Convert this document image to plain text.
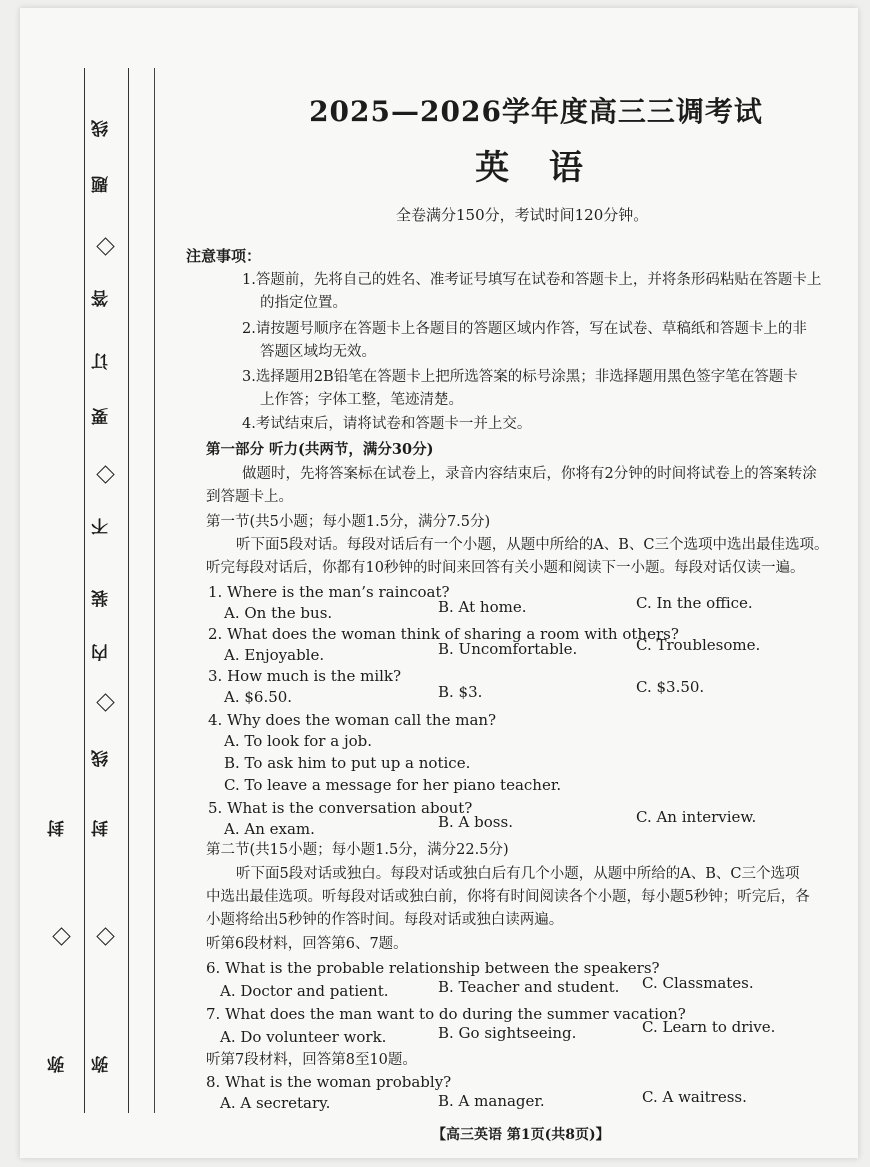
线
题
答
订
要
不
装
内
线
封
封
弥
弥
2025—2026学年度高三三调考试
英 语
全卷满分150分，考试时间120分钟。
注意事项：
1.答题前，先将自己的姓名、准考证号填写在试卷和答题卡上，并将条形码粘贴在答题卡上
的指定位置。
2.请按题号顺序在答题卡上各题目的答题区域内作答，写在试卷、草稿纸和答题卡上的非
答题区域均无效。
3.选择题用2B铅笔在答题卡上把所选答案的标号涂黑；非选择题用黑色签字笔在答题卡
上作答；字体工整，笔迹清楚。
4.考试结束后，请将试卷和答题卡一并上交。
第一部分 听力(共两节，满分30分)
做题时，先将答案标在试卷上，录音内容结束后，你将有2分钟的时间将试卷上的答案转涂
到答题卡上。
第一节(共5小题；每小题1.5分，满分7.5分)
听下面5段对话。每段对话后有一个小题，从题中所给的A、B、C三个选项中选出最佳选项。
听完每段对话后，你都有10秒钟的时间来回答有关小题和阅读下一小题。每段对话仅读一遍。
1. Where is the man’s raincoat?
A. On the bus.	B. At home.	C. In the office.
2. What does the woman think of sharing a room with others?
A. Enjoyable.	B. Uncomfortable.	C. Troublesome.
3. How much is the milk?
A. $6.50.	B. $3.	C. $3.50.
4. Why does the woman call the man?
A. To look for a job.
B. To ask him to put up a notice.
C. To leave a message for her piano teacher.
5. What is the conversation about?
A. An exam.	B. A boss.	C. An interview.
第二节(共15小题；每小题1.5分，满分22.5分)
听下面5段对话或独白。每段对话或独白后有几个小题，从题中所给的A、B、C三个选项
中选出最佳选项。听每段对话或独白前，你将有时间阅读各个小题，每小题5秒钟；听完后，各
小题将给出5秒钟的作答时间。每段对话或独白读两遍。
听第6段材料，回答第6、7题。
6. What is the probable relationship between the speakers?
A. Doctor and patient.	B. Teacher and student. C. Classmates.
7. What does the man want to do during the summer vacation?
A. Do volunteer work.	B. Go sightseeing.	C. Learn to drive.
听第7段材料，回答第8至10题。
8. What is the woman probably?
A. A secretary.	B. A manager.	C. A waitress.
【高三英语 第1页(共8页)】
